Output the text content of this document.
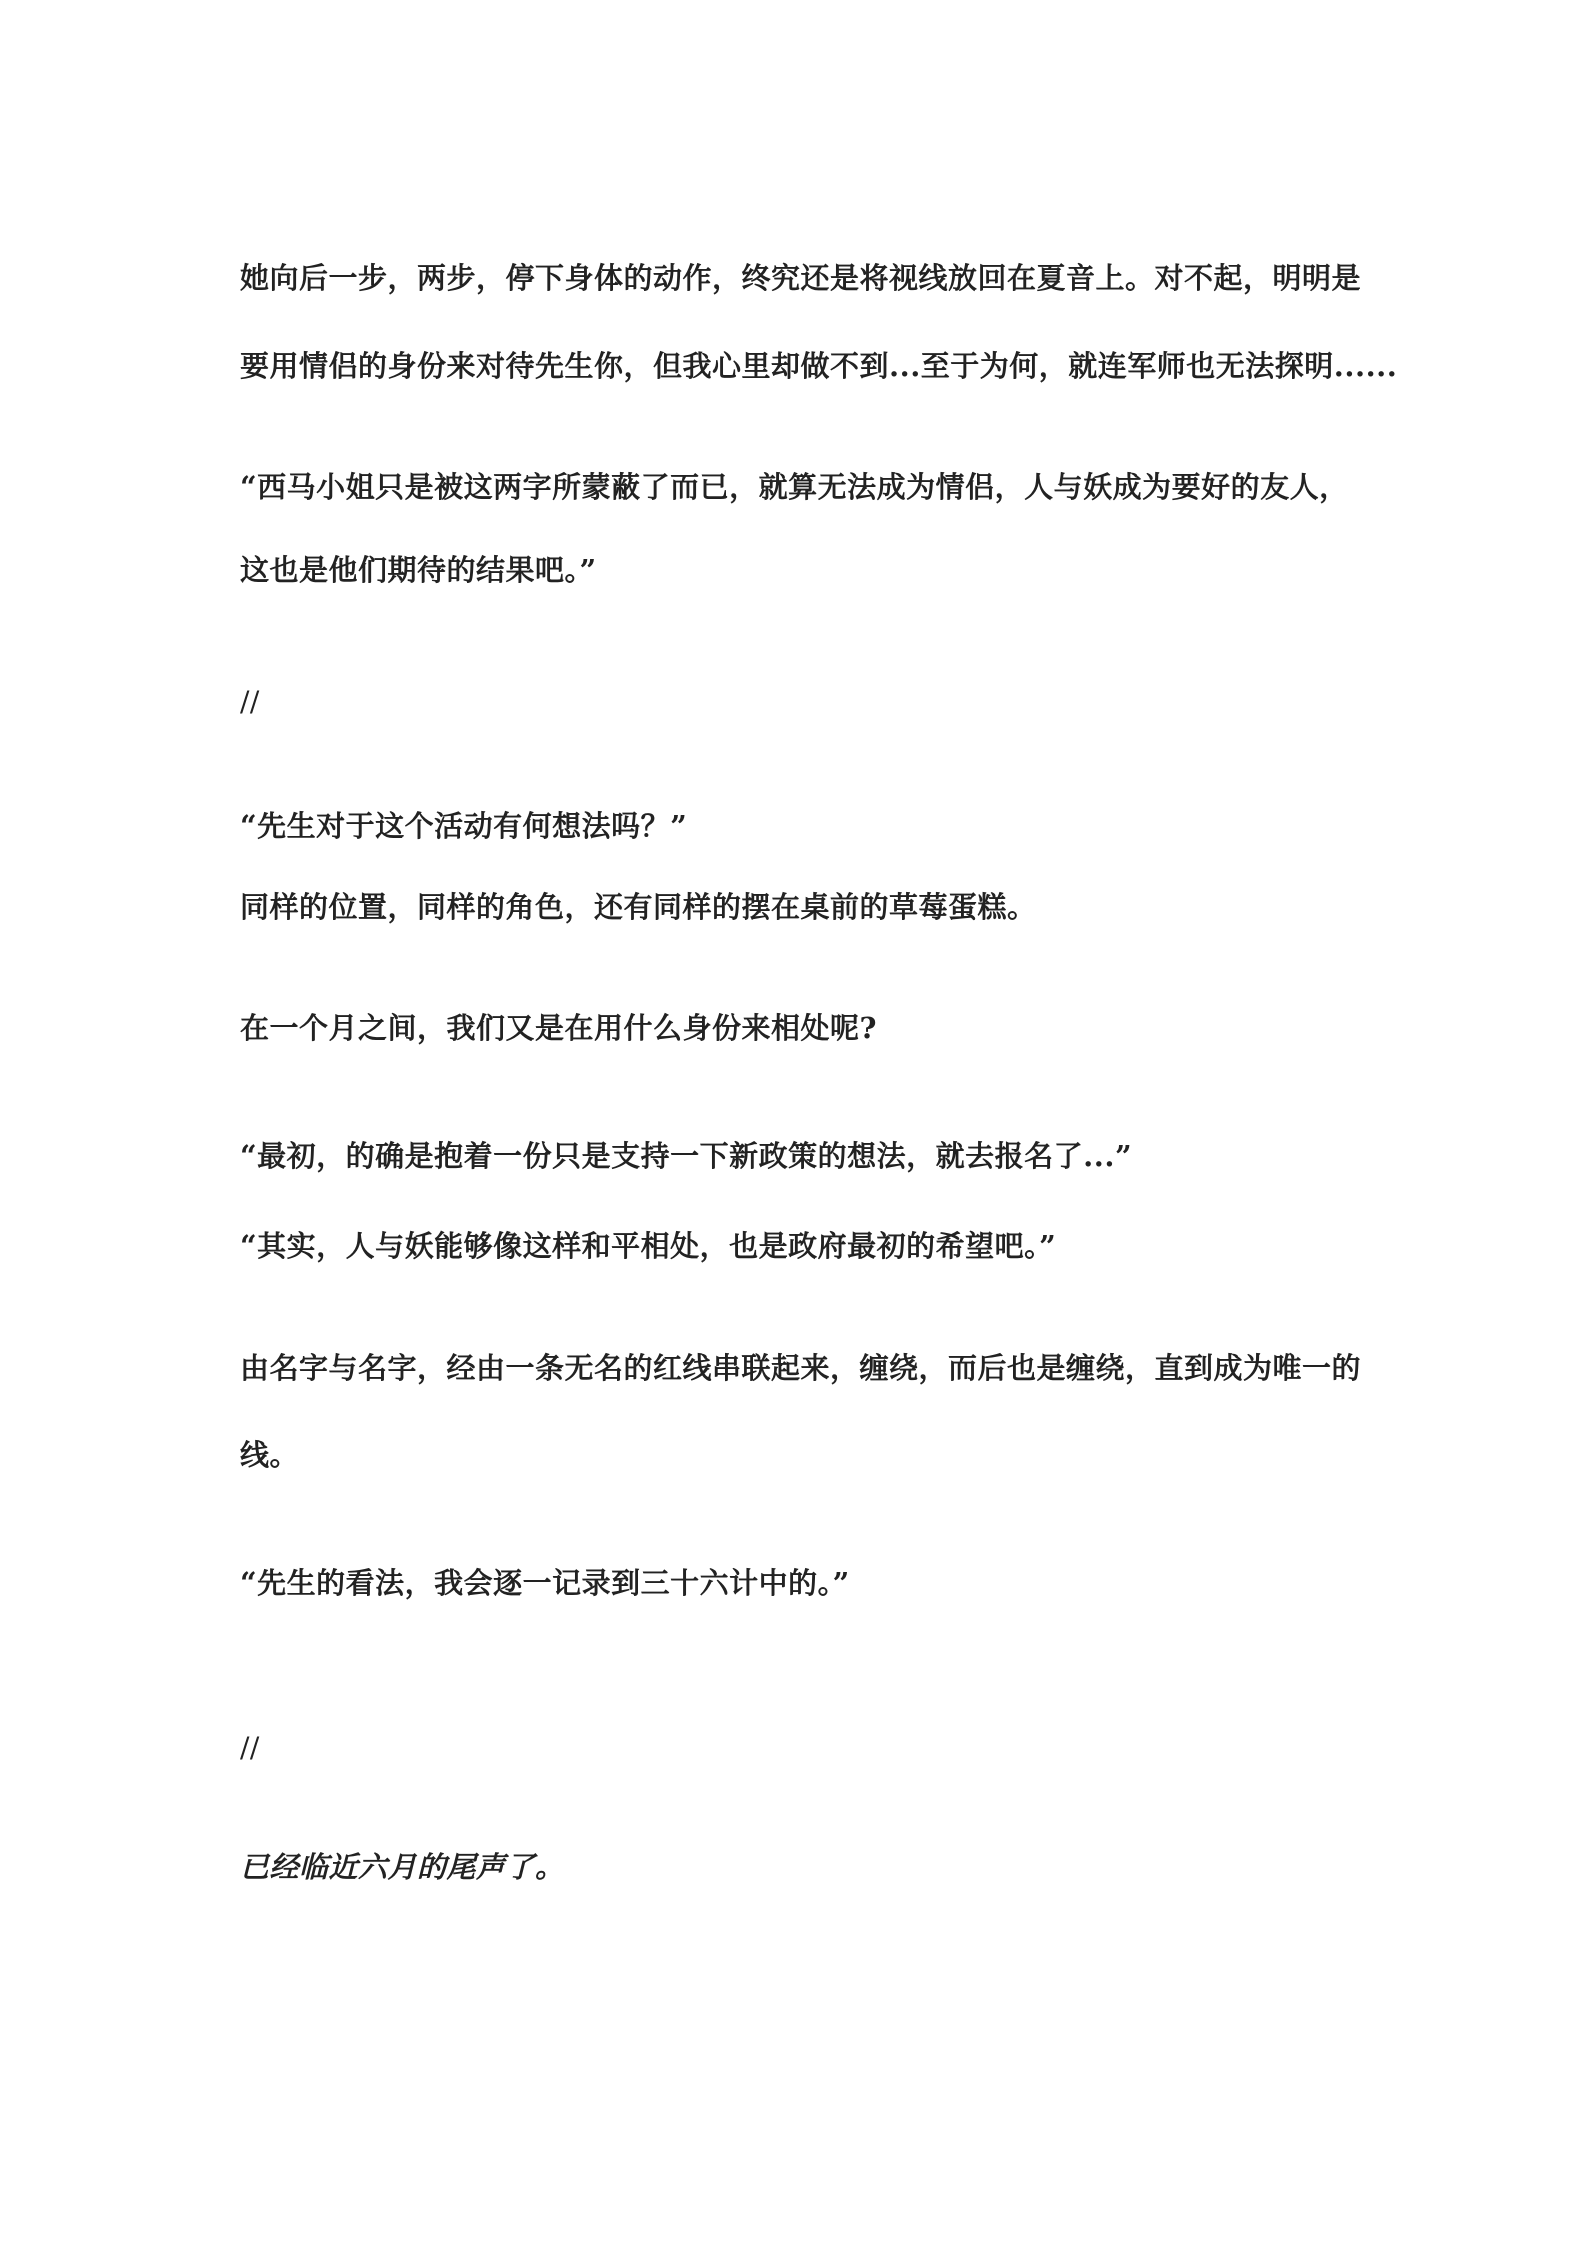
她向后一步，两步，停下身体的动作，终究还是将视线放回在夏音上。对不起，明明是
要用情侣的身份来对待先生你，但我心里却做不到...至于为何，就连军师也无法探明......
“西马小姐只是被这两字所蒙蔽了而已，就算无法成为情侣，人与妖成为要好的友人，
这也是他们期待的结果吧。”
//
“先生对于这个活动有何想法吗？”
同样的位置，同样的角色，还有同样的摆在桌前的草莓蛋糕。
在一个月之间，我们又是在用什么身份来相处呢?
“最初，的确是抱着一份只是支持一下新政策的想法，就去报名了...”
“其实，人与妖能够像这样和平相处，也是政府最初的希望吧。”
由名字与名字，经由一条无名的红线串联起来，缠绕，而后也是缠绕，直到成为唯一的
线。
“先生的看法，我会逐一记录到三十六计中的。”
//
已经临近六月的尾声了。
